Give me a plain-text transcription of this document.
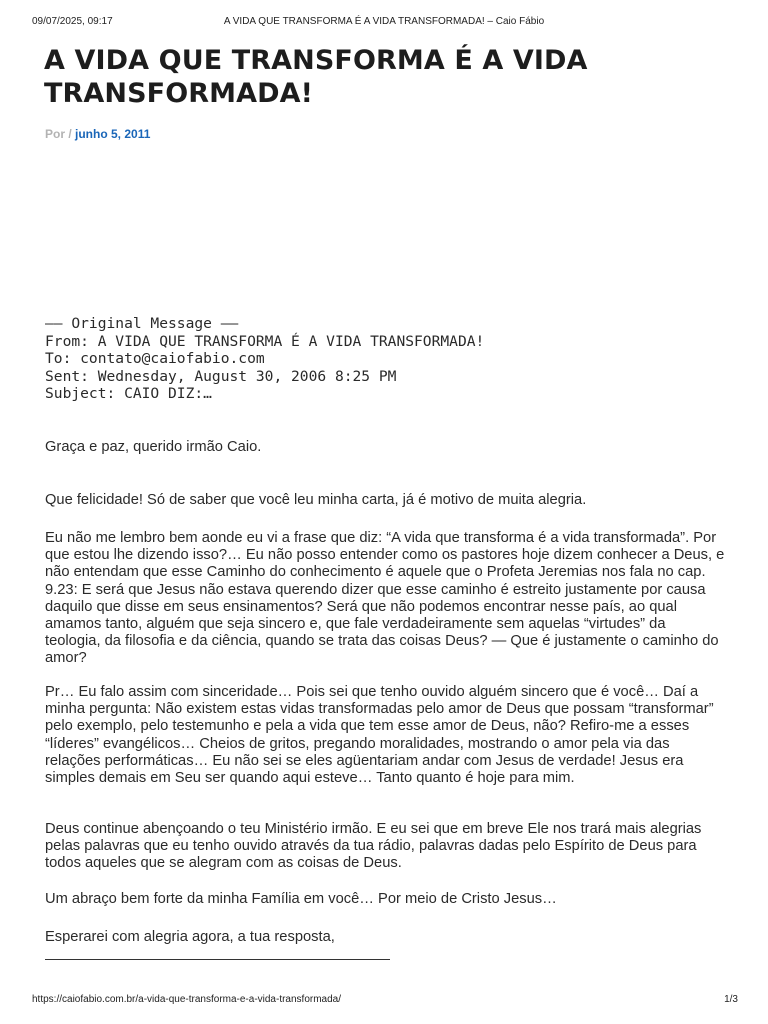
09/07/2025, 09:17	A VIDA QUE TRANSFORMA É A VIDA TRANSFORMADA! – Caio Fábio
A VIDA QUE TRANSFORMA É A VIDA TRANSFORMADA!
Por / junho 5, 2011
—– Original Message —–
From: A VIDA QUE TRANSFORMA É A VIDA TRANSFORMADA!
To: contato@caiofabio.com
Sent: Wednesday, August 30, 2006 8:25 PM
Subject: CAIO DIZ:…

Graça e paz, querido irmão Caio.

Que felicidade! Só de saber que você leu minha carta, já é motivo de muita alegria.

Eu não me lembro bem aonde eu vi a frase que diz: “A vida que transforma é a vida transformada”. Por que estou lhe dizendo isso?… Eu não posso entender como os pastores hoje dizem conhecer a Deus, e não entendam que esse Caminho do conhecimento é aquele que o Profeta Jeremias nos fala no cap. 9.23: E será que Jesus não estava querendo dizer que esse caminho é estreito justamente por causa daquilo que disse em seus ensinamentos? Será que não podemos encontrar nesse país, ao qual amamos tanto, alguém que seja sincero e, que fale verdadeiramente sem aquelas “virtudes” da teologia, da filosofia e da ciência, quando se trata das coisas Deus? — Que é justamente o caminho do amor?

Pr… Eu falo assim com sinceridade… Pois sei que tenho ouvido alguém sincero que é você… Daí a minha pergunta: Não existem estas vidas transformadas pelo amor de Deus que possam “transformar” pelo exemplo, pelo testemunho e pela a vida que tem esse amor de Deus, não? Refiro-me a esses “líderes” evangélicos… Cheios de gritos, pregando moralidades, mostrando o amor pela via das relações performáticas… Eu não sei se eles agüentariam andar com Jesus de verdade! Jesus era simples demais em Seu ser quando aqui esteve… Tanto quanto é hoje para mim.

Deus continue abençoando o teu Ministério irmão. E eu sei que em breve Ele nos trará mais alegrias pelas palavras que eu tenho ouvido através da tua rádio, palavras dadas pelo Espírito de Deus para todos aqueles que se alegram com as coisas de Deus.

Um abraço bem forte da minha Família em você… Por meio de Cristo Jesus…

Esperarei com alegria agora, a tua resposta,

https://caiofabio.com.br/a-vida-que-transforma-e-a-vida-transformada/	1/3
